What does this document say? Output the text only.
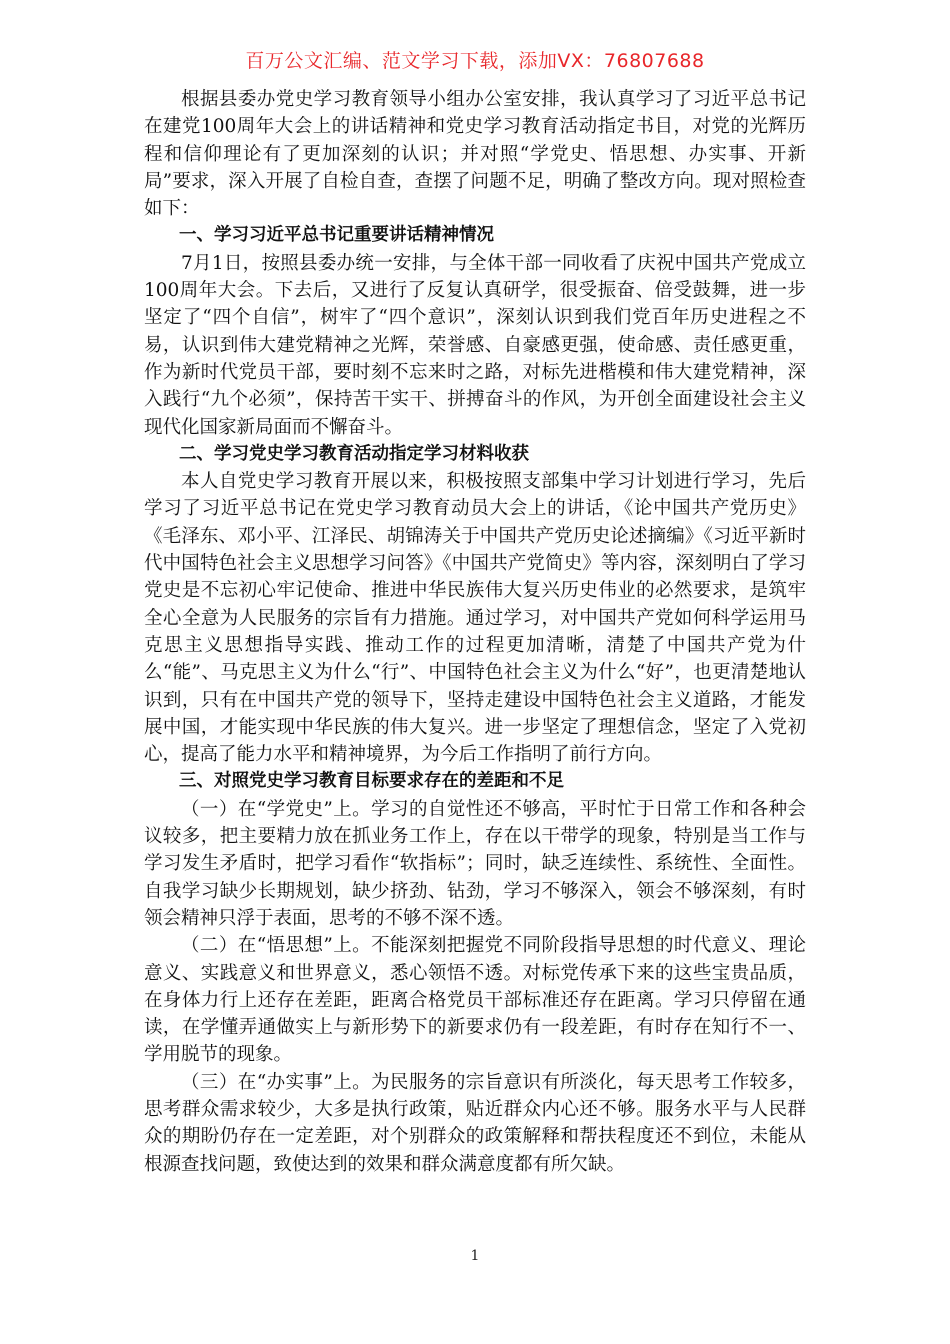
百万公文汇编、范文学习下载，添加VX：76807688

根据县委办党史学习教育领导小组办公室安排，我认真学习了习近平总书记在建党100周年大会上的讲话精神和党史学习教育活动指定书目，对党的光辉历程和信仰理论有了更加深刻的认识；并对照“学党史、悟思想、办实事、开新局”要求，深入开展了自检自查，查摆了问题不足，明确了整改方向。现对照检查如下：

一、学习习近平总书记重要讲话精神情况

7月1日，按照县委办统一安排，与全体干部一同收看了庆祝中国共产党成立100周年大会。下去后，又进行了反复认真研学，很受振奋、倍受鼓舞，进一步坚定了“四个自信”，树牢了“四个意识”，深刻认识到我们党百年历史进程之不易，认识到伟大建党精神之光辉，荣誉感、自豪感更强，使命感、责任感更重，作为新时代党员干部，要时刻不忘来时之路，对标先进楷模和伟大建党精神，深入践行“九个必须”，保持苦干实干、拼搏奋斗的作风，为开创全面建设社会主义现代化国家新局面而不懈奋斗。

二、学习党史学习教育活动指定学习材料收获

本人自党史学习教育开展以来，积极按照支部集中学习计划进行学习，先后学习了习近平总书记在党史学习教育动员大会上的讲话，《论中国共产党历史》《毛泽东、邓小平、江泽民、胡锦涛关于中国共产党历史论述摘编》《习近平新时代中国特色社会主义思想学习问答》《中国共产党简史》等内容，深刻明白了学习党史是不忘初心牢记使命、推进中华民族伟大复兴历史伟业的必然要求，是筑牢全心全意为人民服务的宗旨有力措施。通过学习，对中国共产党如何科学运用马克思主义思想指导实践、推动工作的过程更加清晰，清楚了中国共产党为什么“能”、马克思主义为什么“行”、中国特色社会主义为什么“好”，也更清楚地认识到，只有在中国共产党的领导下，坚持走建设中国特色社会主义道路，才能发展中国，才能实现中华民族的伟大复兴。进一步坚定了理想信念，坚定了入党初心，提高了能力水平和精神境界，为今后工作指明了前行方向。

三、对照党史学习教育目标要求存在的差距和不足

（一）在“学党史”上。学习的自觉性还不够高，平时忙于日常工作和各种会议较多，把主要精力放在抓业务工作上，存在以干带学的现象，特别是当工作与学习发生矛盾时，把学习看作“软指标”；同时，缺乏连续性、系统性、全面性。自我学习缺少长期规划，缺少挤劲、钻劲，学习不够深入，领会不够深刻，有时领会精神只浮于表面，思考的不够不深不透。

（二）在“悟思想”上。不能深刻把握党不同阶段指导思想的时代意义、理论意义、实践意义和世界意义，悉心领悟不透。对标党传承下来的这些宝贵品质，在身体力行上还存在差距，距离合格党员干部标准还存在距离。学习只停留在通读，在学懂弄通做实上与新形势下的新要求仍有一段差距，有时存在知行不一、学用脱节的现象。

（三）在“办实事”上。为民服务的宗旨意识有所淡化，每天思考工作较多，思考群众需求较少，大多是执行政策，贴近群众内心还不够。服务水平与人民群众的期盼仍存在一定差距，对个别群众的政策解释和帮扶程度还不到位，未能从根源查找问题，致使达到的效果和群众满意度都有所欠缺。

1
